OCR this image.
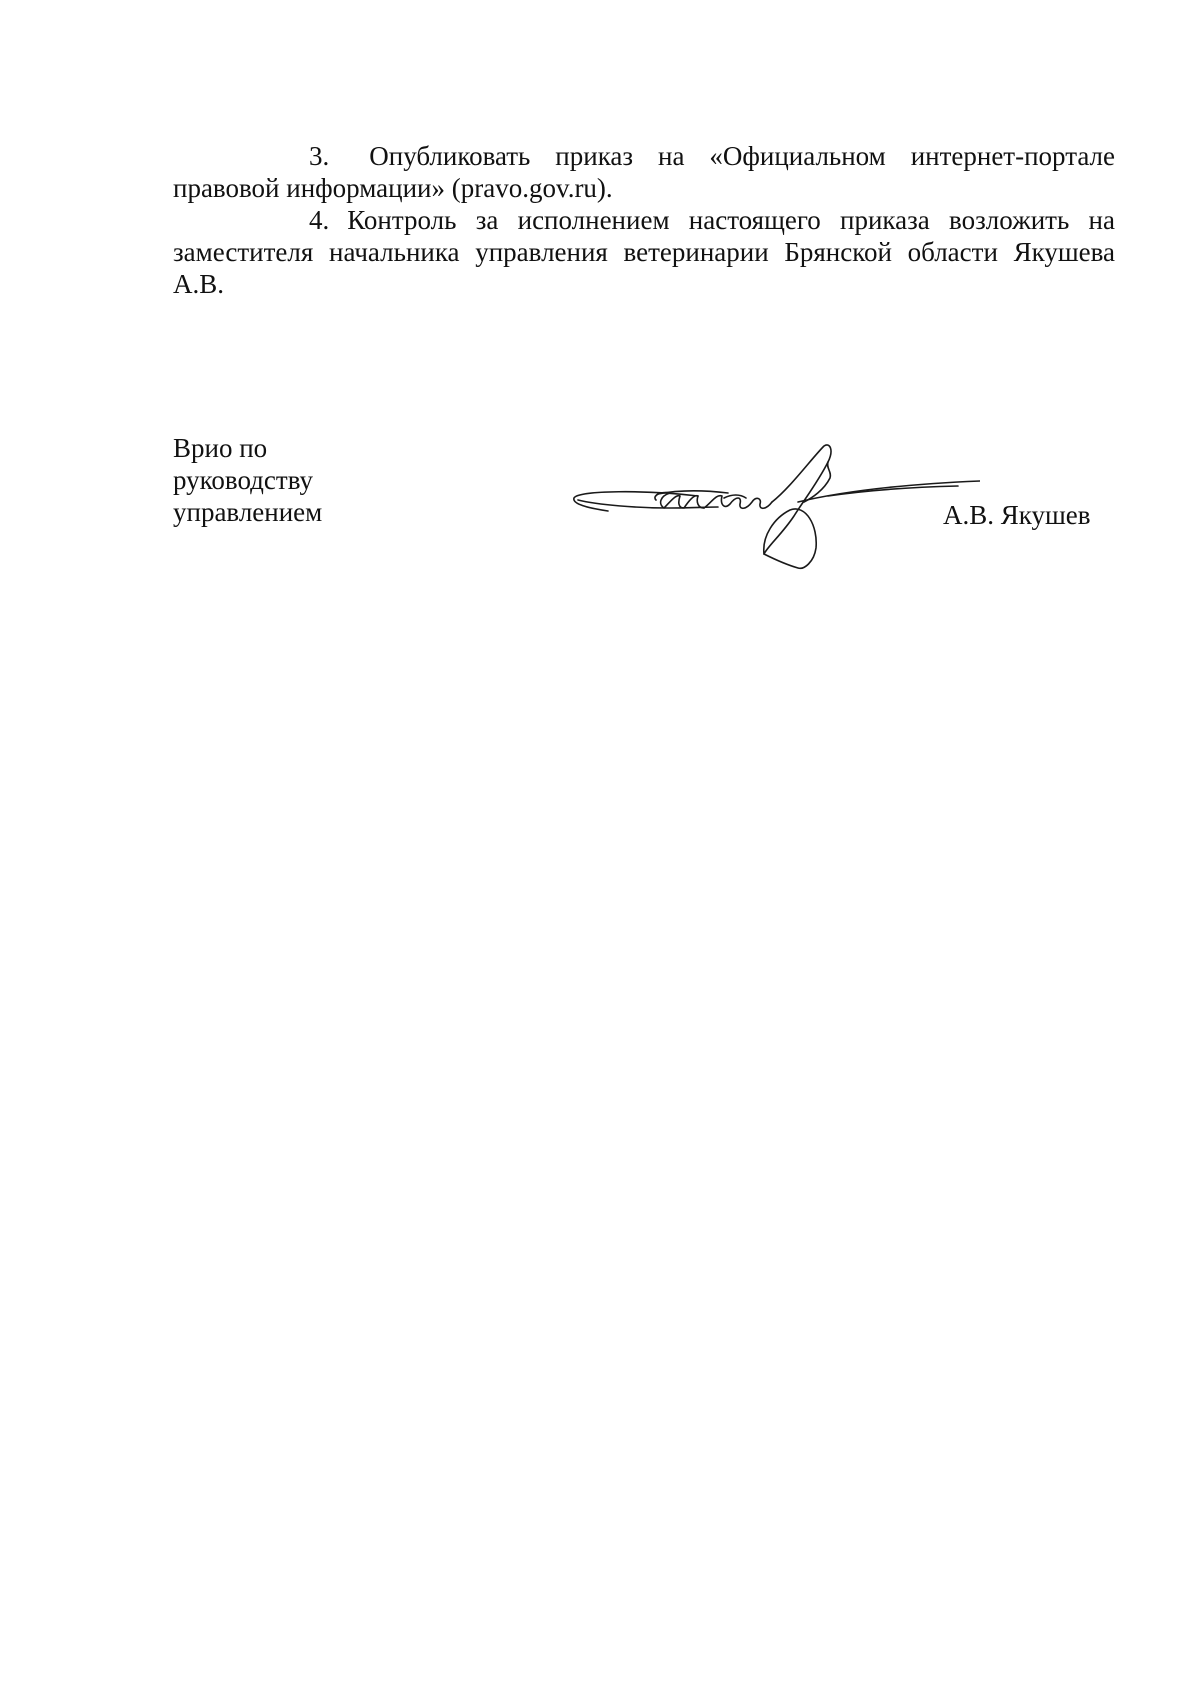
3. Опубликовать приказ на «Официальном интернет-портале правовой информации» (pravo.gov.ru).

4. Контроль за исполнением настоящего приказа возложить на заместителя начальника управления ветеринарии Брянской области Якушева А.В.

Врио по
руководству
управлением	А.В. Якушев
